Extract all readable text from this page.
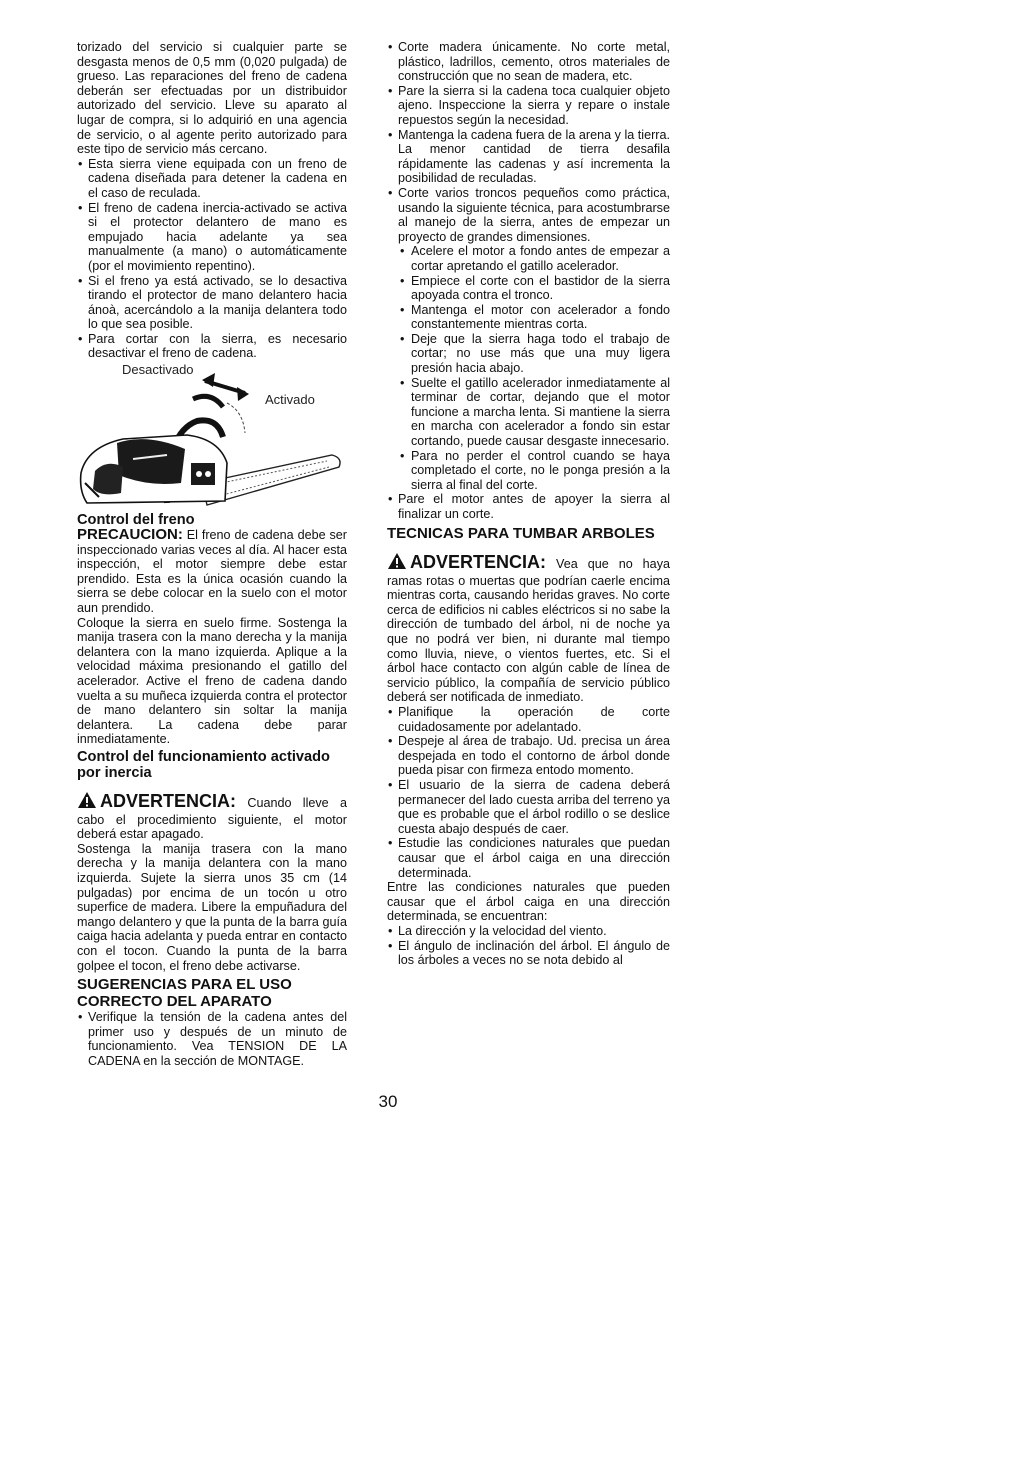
torizado del servicio si cualquier parte se desgasta menos de 0,5 mm (0,020 pulgada) de grueso. Las reparaciones del freno de cadena deberán ser efectuadas por un distribuidor autorizado del servicio. Lleve su aparato al lugar de compra, si lo adquirió en una agencia de servicio, o al agente perito autorizado para este tipo de servicio más cercano.

• Esta sierra viene equipada con un freno de cadena diseñada para detener la cadena en el caso de reculada.
• El freno de cadena inercia-activado se activa si el protector delantero de mano es empujado hacia adelante ya sea manualmente (a mano) o automáticamente (por el movimiento repentino).
• Si el freno ya está activado, se lo desactiva tirando el protector de mano delantero hacia ánoà, acercándolo a la manija delantera todo lo que sea posible.
• Para cortar con la sierra, es necesario desactivar el freno de cadena.
Desactivado
Activado
Control del freno

PRECAUCION: El freno de cadena debe ser inspeccionado varias veces al día. Al hacer esta inspección, el motor siempre debe estar prendido. Esta es la única ocasión cuando la sierra se debe colocar en la suelo con el motor aun prendido.

Coloque la sierra en suelo firme. Sostenga la manija trasera con la mano derecha y la manija delantera con la mano izquierda. Aplique a la velocidad máxima presionando el gatillo del acelerador. Active el freno de cadena dando vuelta a su muñeca izquierda contra el protector de mano delantero sin soltar la manija delantera. La cadena debe parar inmediatamente.

Control del funcionamiento activado por inercia

ADVERTENCIA: Cuando lleve a cabo el procedimiento siguiente, el motor deberá estar apagado.

Sostenga la manija trasera con la mano derecha y la manija delantera con la mano izquierda. Sujete la sierra unos 35 cm (14 pulgadas) por encima de un tocón u otro superfice de madera. Libere la empuñadura del mango delantero y que la punta de la barra guía caiga hacia adelanta y pueda entrar en contacto con el tocon. Cuando la punta de la barra golpee el tocon, el freno debe activarse.

SUGERENCIAS PARA EL USO CORRECTO DEL APARATO
• Verifique la tensión de la cadena antes del primer uso y después de un minuto de funcionamiento. Vea TENSION DE LA CADENA en la sección de MONTAGE.
• Corte madera únicamente. No corte metal, plástico, ladrillos, cemento, otros materiales de construcción que no sean de madera, etc.
• Pare la sierra si la cadena toca cualquier objeto ajeno. Inspeccione la sierra y repare o instale repuestos según la necesidad.
• Mantenga la cadena fuera de la arena y la tierra. La menor cantidad de tierra desafila rápidamente las cadenas y así incrementa la posibilidad de reculadas.
• Corte varios troncos pequeños como práctica, usando la siguiente técnica, para acostumbrarse al manejo de la sierra, antes de empezar un proyecto de grandes dimensiones.
• Acelere el motor a fondo antes de empezar a cortar apretando el gatillo acelerador.
• Empiece el corte con el bastidor de la sierra apoyada contra el tronco.
• Mantenga el motor con acelerador a fondo constantemente mientras corta.
• Deje que la sierra haga todo el trabajo de cortar; no use más que una muy ligera presión hacia abajo.
• Suelte el gatillo acelerador inmediatamente al terminar de cortar, dejando que el motor funcione a marcha lenta. Si mantiene la sierra en marcha con acelerador a fondo sin estar cortando, puede causar desgaste innecesario.
• Para no perder el control cuando se haya completado el corte, no le ponga presión a la sierra al final del corte.
• Pare el motor antes de apoyer la sierra al finalizar un corte.
TECNICAS PARA TUMBAR ARBOLES

ADVERTENCIA: Vea que no haya ramas rotas o muertas que podrían caerle encima mientras corta, causando heridas graves. No corte cerca de edificios ni cables eléctricos si no sabe la dirección de tumbado del árbol, ni de noche ya que no podrá ver bien, ni durante mal tiempo como lluvia, nieve, o vientos fuertes, etc. Si el árbol hace contacto con algún cable de línea de servicio público, la compañía de servicio público deberá ser notificada de inmediato.

• Planifique la operación de corte cuidadosamente por adelantado.
• Despeje al área de trabajo. Ud. precisa un área despejada en todo el contorno de árbol donde pueda pisar con firmeza entodo momento.
• El usuario de la sierra de cadena deberá permanecer del lado cuesta arriba del terreno ya que es probable que el árbol rodillo o se deslice cuesta abajo después de caer.
• Estudie las condiciones naturales que puedan causar que el árbol caiga en una dirección determinada.

Entre las condiciones naturales que pueden causar que el árbol caiga en una dirección determinada, se encuentran:

• La dirección y la velocidad del viento.
• El ángulo de inclinación del árbol. El ángulo de los árboles a veces no se nota debido al
30
